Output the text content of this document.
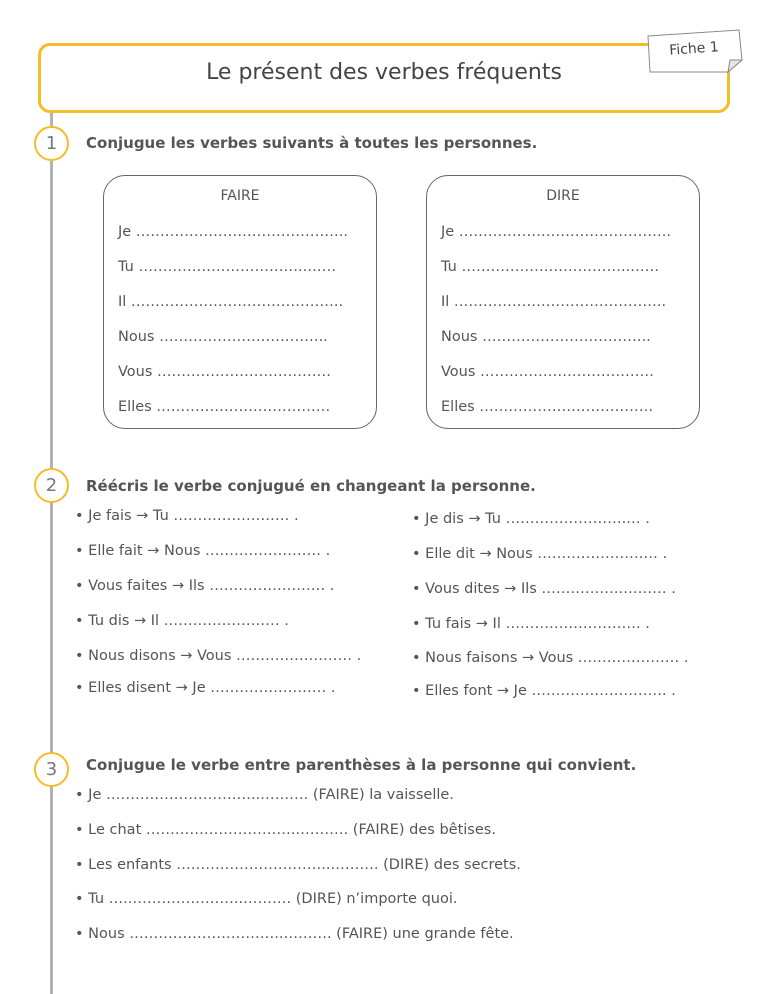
Le présent des verbes fréquents
Fiche 1
1	Conjugue les verbes suivants à toutes les personnes.
FAIRE
Je ……………………………………..
Tu ……………………………..……
Il ……………………………………..
Nous ……………………………..
Vous ………………………………
Elles ………………………………
DIRE
Je ……………………………………..
Tu ……………………………..……
Il ……………………………………..
Nous ……………………………..
Vous ………………………………
Elles ………………………………
2	Réécris le verbe conjugué en changeant la personne.
• Je fais → Tu …………………… .
• Elle fait → Nous …………………… .
• Vous faites → Ils …………………… .
• Tu dis → Il …………………… .
• Nous disons → Vous …………………… .
• Elles disent → Je …………………… .
• Je dis → Tu …………………….… .
• Elle dit → Nous ………………….… .
• Vous dites → Ils ……………..……… .
• Tu fais → Il ………………………. .
• Nous faisons → Vous ………………… .
• Elles font → Je ………………………. .
3	Conjugue le verbe entre parenthèses à la personne qui convient.
• Je …………………………..………. (FAIRE) la vaisselle.
• Le chat …………………………..………. (FAIRE) des bêtises.
• Les enfants …………………………..………. (DIRE) des secrets.
• Tu …..…………………..………. (DIRE) n’importe quoi.
• Nous …………………………..………. (FAIRE) une grande fête.
